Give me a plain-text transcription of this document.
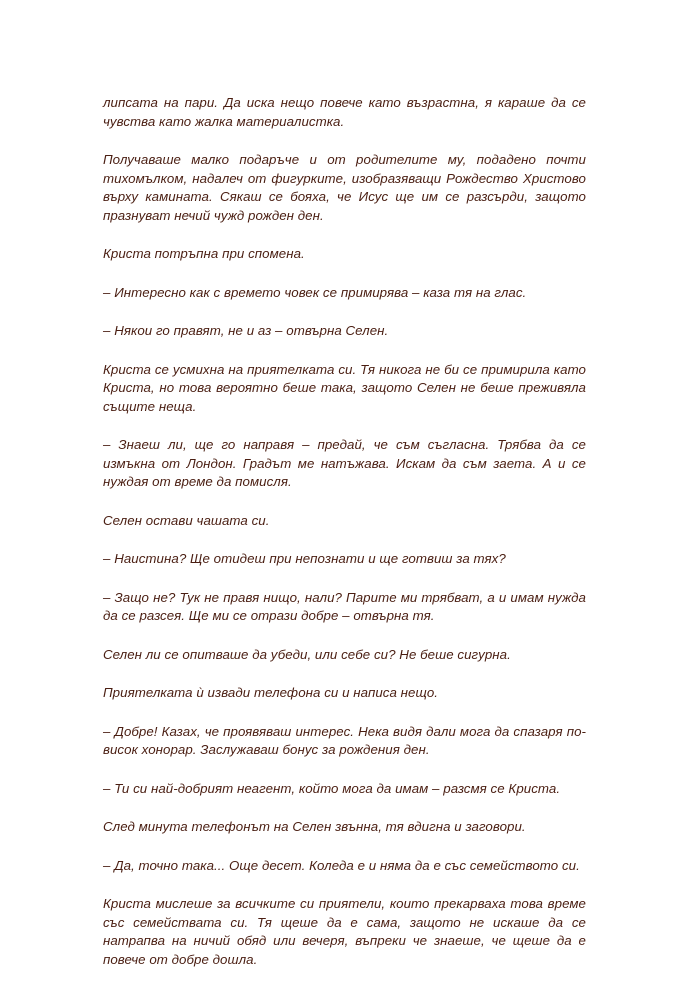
липсата на пари. Да иска нещо повече като възрастна, я караше да се чувства като жалка материалистка.

Получаваше малко подаръче и от родителите му, подадено почти тихомълком, надалеч от фигурките, изобразяващи Рождество Христово върху камината. Сякаш се бояха, че Исус ще им се разсърди, защото празнуват нечий чужд рожден ден.

Криста потръпна при спомена.

– Интересно как с времето човек се примирява – каза тя на глас.

– Някои го правят, не и аз – отвърна Селен.

Криста се усмихна на приятелката си. Тя никога не би се примирила като Криста, но това вероятно беше така, защото Селен не беше преживяла същите неща.

– Знаеш ли, ще го направя – предай, че съм съгласна. Трябва да се измъкна от Лондон. Градът ме натъжава. Искам да съм заета. А и се нуждая от време да помисля.

Селен остави чашата си.

– Наистина? Ще отидеш при непознати и ще готвиш за тях?

– Защо не? Тук не правя нищо, нали? Парите ми трябват, а и имам нужда да се разсея. Ще ми се отрази добре – отвърна тя.

Селен ли се опитваше да убеди, или себе си? Не беше сигурна.

Приятелката ѝ извади телефона си и написа нещо.

– Добре! Казах, че проявяваш интерес. Нека видя дали мога да спазаря по-висок хонорар. Заслужаваш бонус за рождения ден.

– Ти си най-добрият неагент, който мога да имам – разсмя се Криста.

След минута телефонът на Селен звънна, тя вдигна и заговори.

– Да, точно така... Още десет. Коледа е и няма да е със семейството си.

Криста мислеше за всичките си приятели, които прекарваха това време със семействата си. Тя щеше да е сама, защото не искаше да се натрапва на ничий обяд или вечеря, въпреки че знаеше, че щеше да е повече от добре дошла.
